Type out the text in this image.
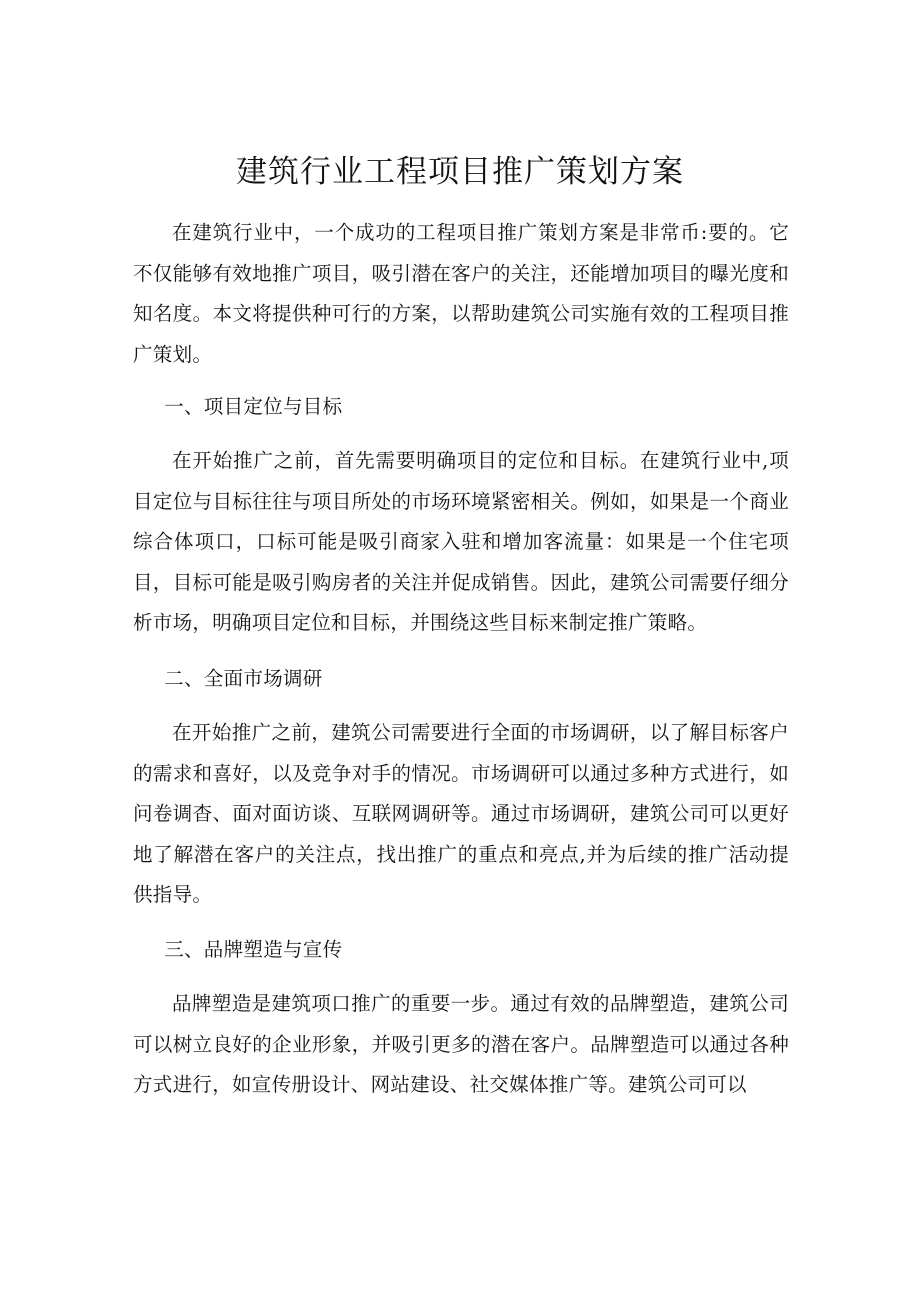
建筑行业工程项目推广策划方案

在建筑行业中，一个成功的工程项目推广策划方案是非常币:要的。它不仅能够有效地推广项目，吸引潜在客户的关注，还能增加项目的曝光度和知名度。本文将提供种可行的方案，以帮助建筑公司实施有效的工程项目推广策划。

一、项目定位与目标

在开始推广之前，首先需要明确项目的定位和目标。在建筑行业中,项目定位与目标往往与项目所处的市场环境紧密相关。例如，如果是一个商业综合体项口，口标可能是吸引商家入驻和增加客流量：如果是一个住宅项目，目标可能是吸引购房者的关注并促成销售。因此，建筑公司需要仔细分析市场，明确项目定位和目标，并围绕这些目标来制定推广策略。

二、全面市场调研

在开始推广之前，建筑公司需要进行全面的市场调研，以了解目标客户的需求和喜好，以及竞争对手的情况。市场调研可以通过多种方式进行，如问卷调杳、面对面访谈、互联网调研等。通过市场调研，建筑公司可以更好地了解潜在客户的关注点，找出推广的重点和亮点,并为后续的推广活动提供指导。

三、品牌塑造与宣传

品牌塑造是建筑项口推广的重要一步。通过有效的品牌塑造，建筑公司可以树立良好的企业形象，并吸引更多的潜在客户。品牌塑造可以通过各种方式进行，如宣传册设计、网站建设、社交媒体推广等。建筑公司可以
